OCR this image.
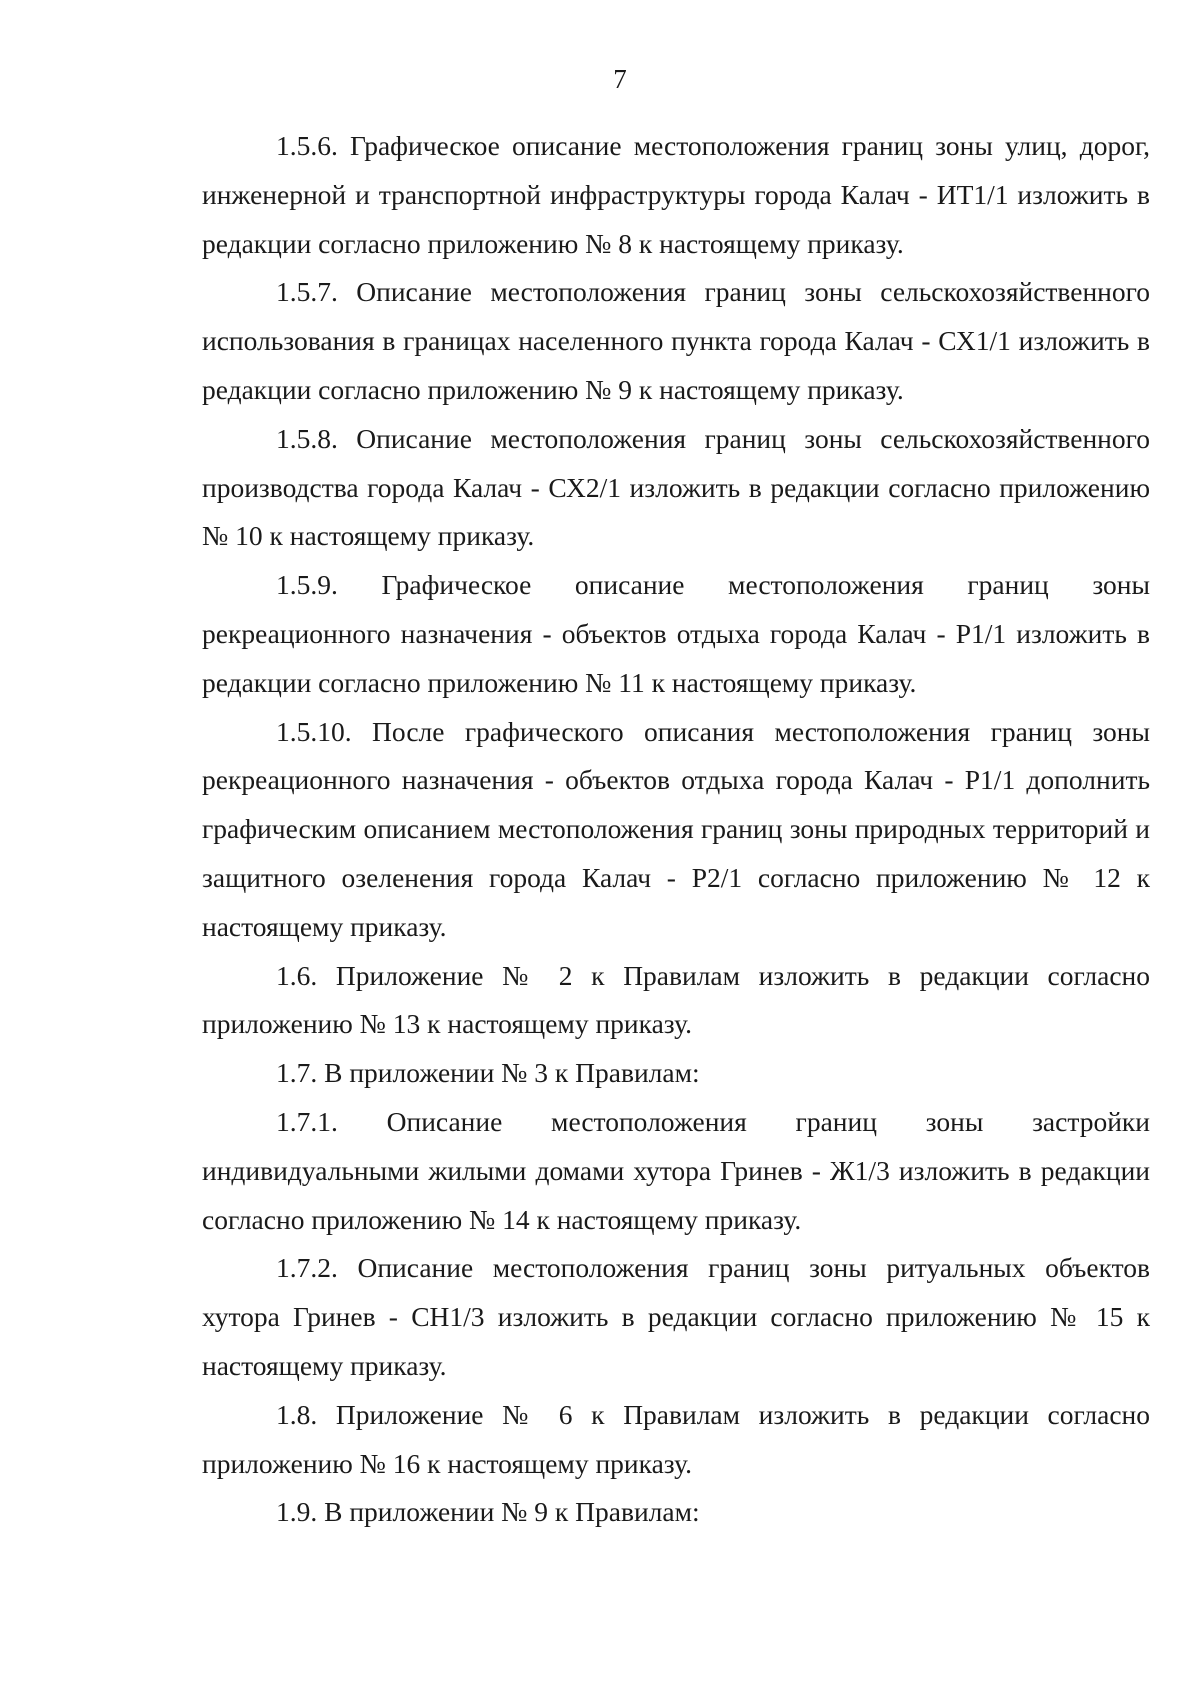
7

1.5.6. Графическое описание местоположения границ зоны улиц, дорог, инженерной и транспортной инфраструктуры города Калач - ИТ1/1 изложить в редакции согласно приложению № 8 к настоящему приказу.

1.5.7. Описание местоположения границ зоны сельскохозяйственного использования в границах населенного пункта города Калач - СХ1/1 изложить в редакции согласно приложению № 9 к настоящему приказу.

1.5.8. Описание местоположения границ зоны сельскохозяйственного производства города Калач - СХ2/1 изложить в редакции согласно приложению № 10 к настоящему приказу.

1.5.9. Графическое описание местоположения границ зоны рекреационного назначения - объектов отдыха города Калач - Р1/1 изложить в редакции согласно приложению № 11 к настоящему приказу.

1.5.10. После графического описания местоположения границ зоны рекреационного назначения - объектов отдыха города Калач - Р1/1 дополнить графическим описанием местоположения границ зоны природных территорий и защитного озеленения города Калач - Р2/1 согласно приложению № 12 к настоящему приказу.

1.6. Приложение № 2 к Правилам изложить в редакции согласно приложению № 13 к настоящему приказу.

1.7. В приложении № 3 к Правилам:

1.7.1. Описание местоположения границ зоны застройки индивидуальными жилыми домами хутора Гринев - Ж1/3 изложить в редакции согласно приложению № 14 к настоящему приказу.

1.7.2. Описание местоположения границ зоны ритуальных объектов хутора Гринев - СН1/3 изложить в редакции согласно приложению № 15 к настоящему приказу.

1.8. Приложение № 6 к Правилам изложить в редакции согласно приложению № 16 к настоящему приказу.

1.9. В приложении № 9 к Правилам:
